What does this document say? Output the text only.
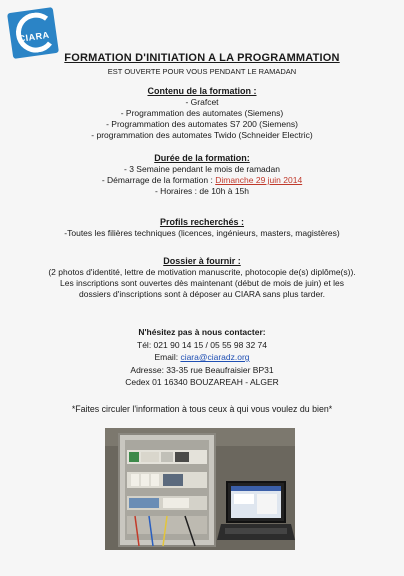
CIARA
FORMATION D'INITIATION A LA PROGRAMMATION
EST OUVERTE POUR VOUS PENDANT LE RAMADAN
Contenu de la formation :
- Grafcet
- Programmation des automates (Siemens)
- Programmation des automates S7 200 (Siemens)
- programmation des automates Twido (Schneider Electric)
Durée de la formation:
- 3 Semaine pendant le mois de ramadan
- Démarrage de la formation : Dimanche 29 juin 2014
- Horaires : de 10h à 15h
Profils recherchés :
-Toutes les filières techniques (licences, ingénieurs, masters, magistères)
Dossier à fournir :
(2 photos d'identité, lettre de motivation manuscrite, photocopie de(s) diplôme(s)).
Les inscriptions sont ouvertes dès maintenant (début de mois de juin) et les
dossiers d'inscriptions sont à déposer au CIARA sans plus tarder.
N'hésitez pas à nous contacter:
Tél: 021 90 14 15 / 05 55 98 32 74
Email: ciara@ciaradz.org
Adresse: 33-35 rue Beaufraisier BP31
Cedex 01 16340 BOUZAREAH - ALGER
*Faites circuler l'information à tous ceux à qui vous voulez du bien*
